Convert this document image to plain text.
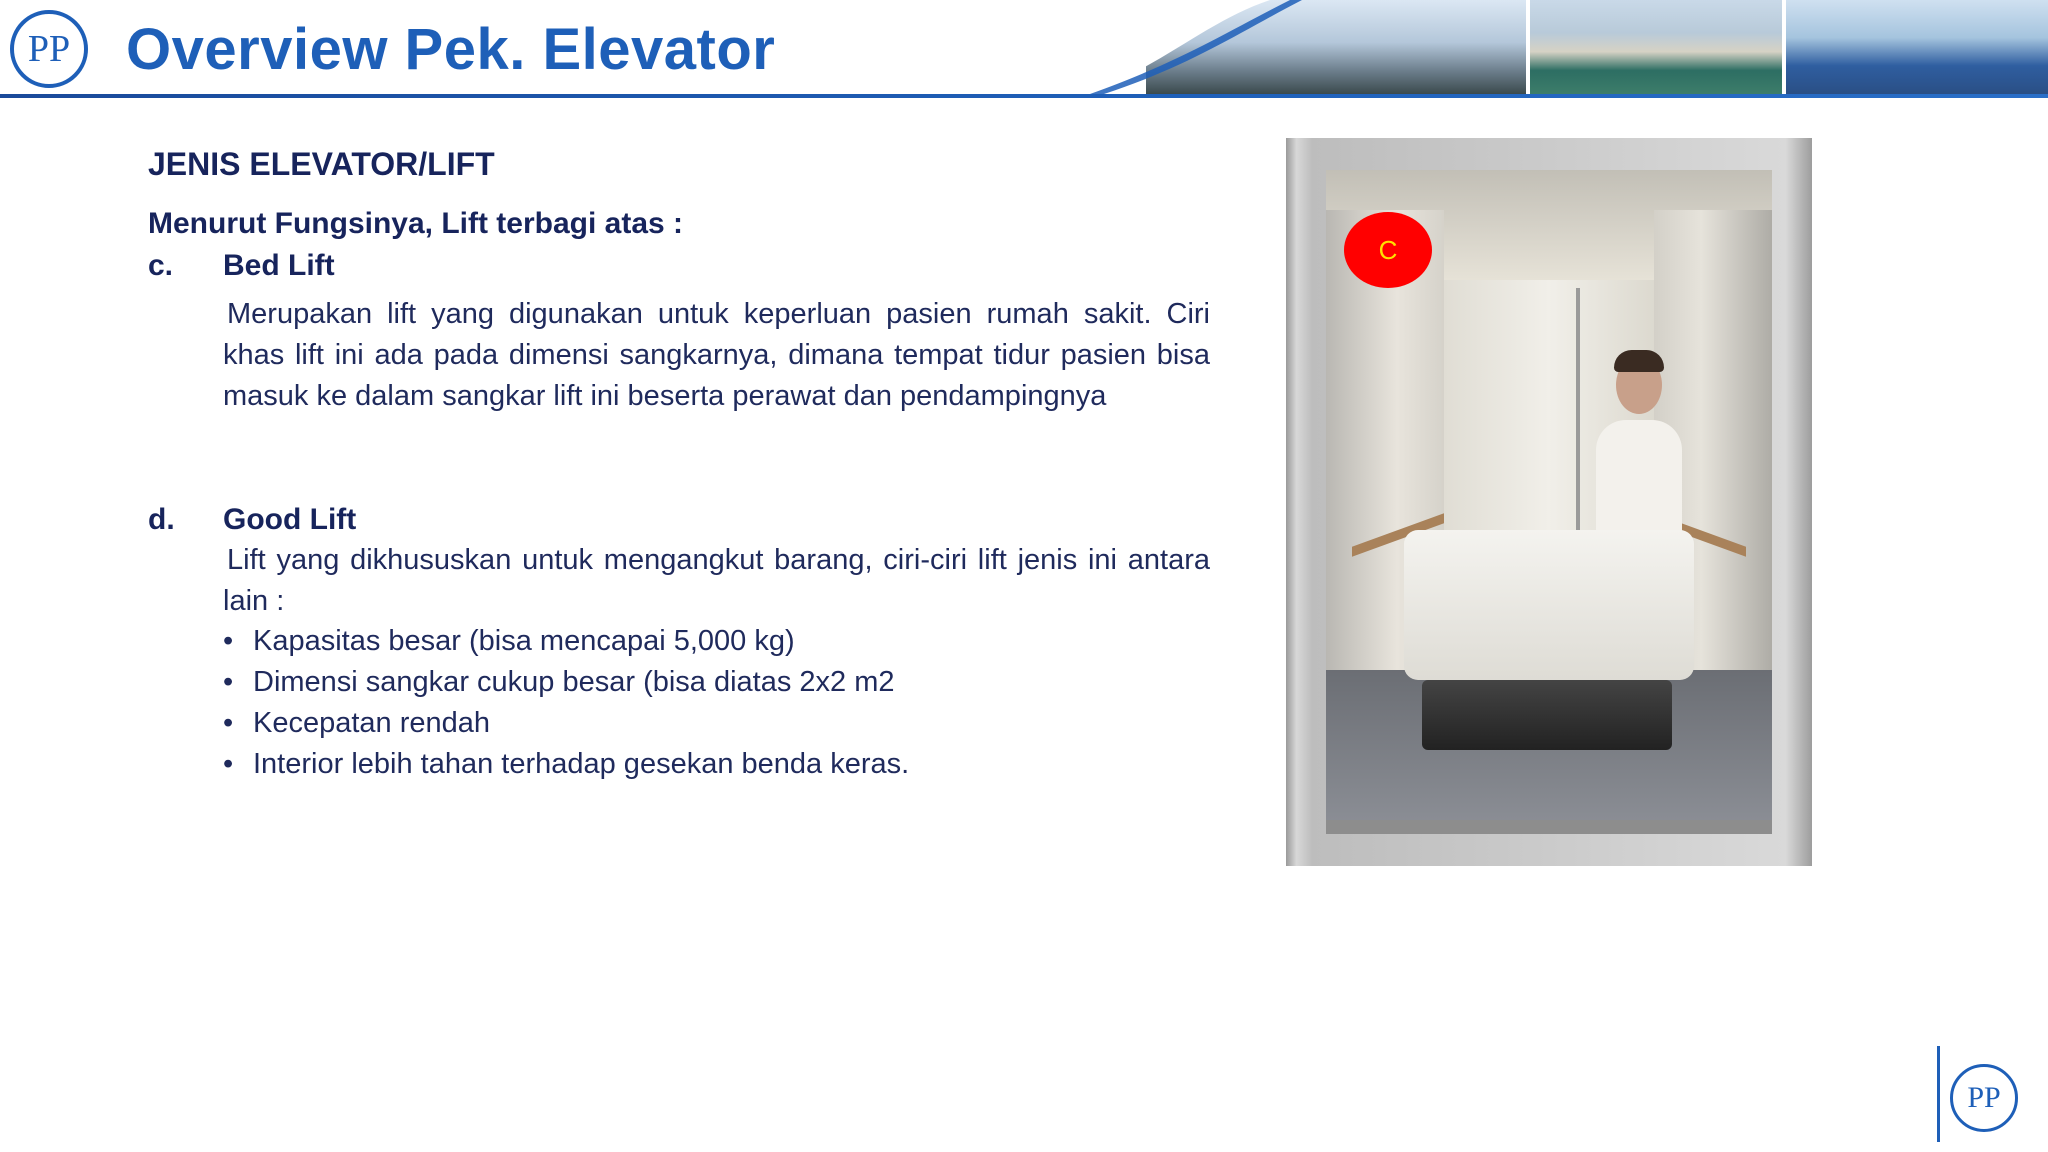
PP Overview Pek. Elevator
JENIS ELEVATOR/LIFT
Menurut Fungsinya, Lift terbagi atas :
c. Bed Lift
Merupakan lift yang digunakan untuk keperluan pasien rumah sakit. Ciri khas lift ini ada pada dimensi sangkarnya, dimana tempat tidur pasien bisa masuk ke dalam sangkar lift ini beserta perawat dan pendampingnya
d. Good Lift
Lift yang dikhususkan untuk mengangkut barang, ciri-ciri lift jenis ini antara lain :
• Kapasitas besar (bisa mencapai 5,000 kg)
• Dimensi sangkar cukup besar (bisa diatas 2x2 m2
• Kecepatan rendah
• Interior lebih tahan terhadap gesekan benda keras.
C
PP
